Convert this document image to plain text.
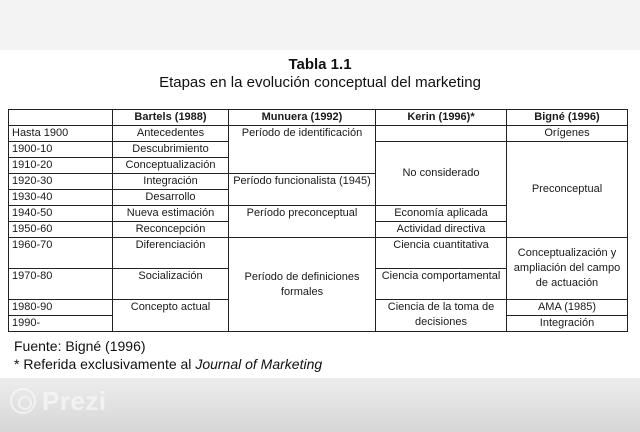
Tabla 1.1
Etapas en la evolución conceptual del marketing
	Bartels (1988)	Munuera (1992)	Kerin (1996)*	Bigné (1996)
Hasta 1900	Antecedentes	Período de identificación		Orígenes
1900-10	Descubrimiento		No considerado	Preconceptual
1910-20	Conceptualización			
1920-30	Integración	Período funcionalista (1945)		
1930-40	Desarrollo			
1940-50	Nueva estimación	Período preconceptual	Economía aplicada	
1950-60	Reconcepción		Actividad directiva	
1960-70	Diferenciación	Período de definiciones formales	Ciencia cuantitativa	Conceptualización y ampliación del campo de actuación
1970-80	Socialización		Ciencia comportamental	
1980-90	Concepto actual		Ciencia de la toma de decisiones	AMA (1985)
1990-				Integración
Fuente: Bigné (1996)
* Referida exclusivamente al Journal of Marketing
Prezi
